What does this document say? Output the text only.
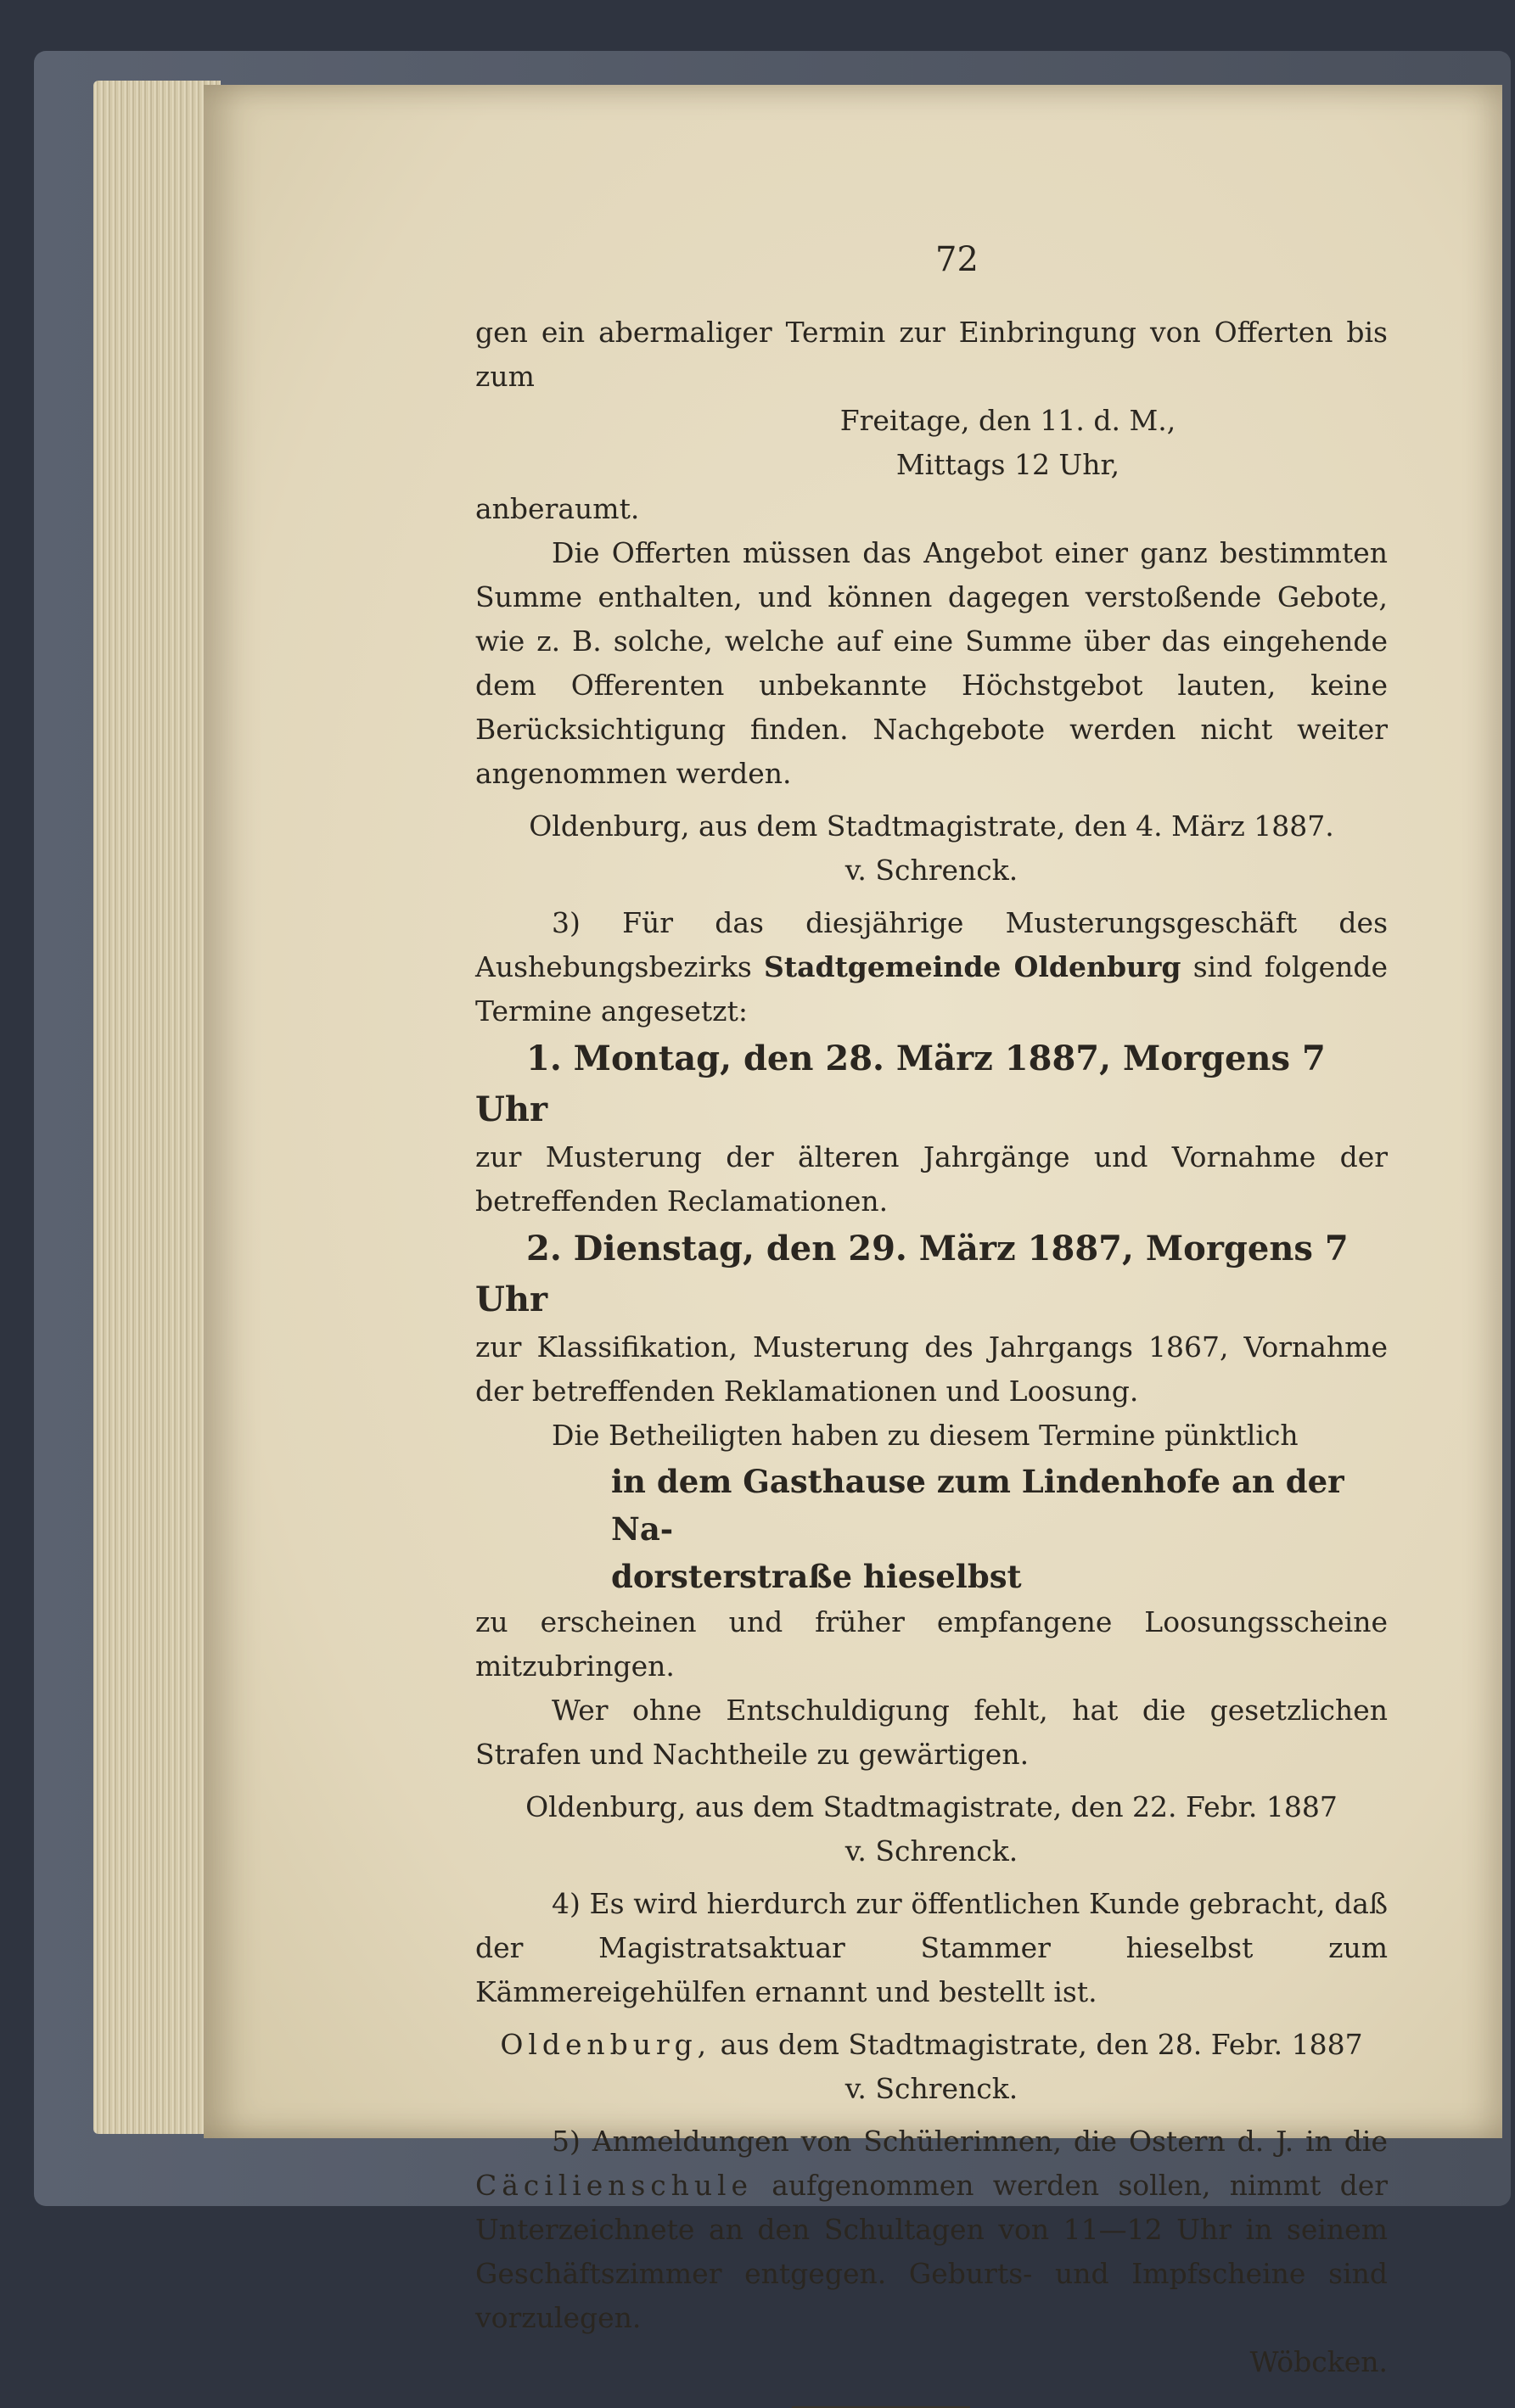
72

gen ein abermaliger Termin zur Einbringung von Offerten bis zum

Freitage, den 11. d. M.,
Mittags 12 Uhr,

anberaumt.

Die Offerten müssen das Angebot einer ganz bestimmten Summe enthalten, und können dagegen verstoßende Gebote, wie z. B. solche, welche auf eine Summe über das eingehende dem Offerenten unbekannte Höchstgebot lauten, keine Berücksichtigung finden. Nachgebote werden nicht weiter angenommen werden.

Oldenburg, aus dem Stadtmagistrate, den 4. März 1887.
v. Schrenck.

3) Für das diesjährige Musterungsgeschäft des Aushebungsbezirks Stadtgemeinde Oldenburg sind folgende Termine angesetzt:

1. Montag, den 28. März 1887, Morgens 7 Uhr

zur Musterung der älteren Jahrgänge und Vornahme der betreffenden Reclamationen.

2. Dienstag, den 29. März 1887, Morgens 7 Uhr

zur Klassifikation, Musterung des Jahrgangs 1867, Vornahme der betreffenden Reklamationen und Loosung.

Die Betheiligten haben zu diesem Termine pünktlich

in dem Gasthause zum Lindenhofe an der Na-
dorsterstraße hieselbst

zu erscheinen und früher empfangene Loosungsscheine mitzubringen.

Wer ohne Entschuldigung fehlt, hat die gesetzlichen Strafen und Nachtheile zu gewärtigen.

Oldenburg, aus dem Stadtmagistrate, den 22. Febr. 1887
v. Schrenck.

4) Es wird hierdurch zur öffentlichen Kunde gebracht, daß der Magistratsaktuar Stammer hieselbst zum Kämmereigehülfen ernannt und bestellt ist.

Oldenburg, aus dem Stadtmagistrate, den 28. Febr. 1887
v. Schrenck.

5) Anmeldungen von Schülerinnen, die Ostern d. J. in die Cäcilienschule aufgenommen werden sollen, nimmt der Unterzeichnete an den Schultagen von 11—12 Uhr in seinem Geschäftszimmer entgegen. Geburts- und Impfscheine sind vorzulegen.

Wöbcken.
